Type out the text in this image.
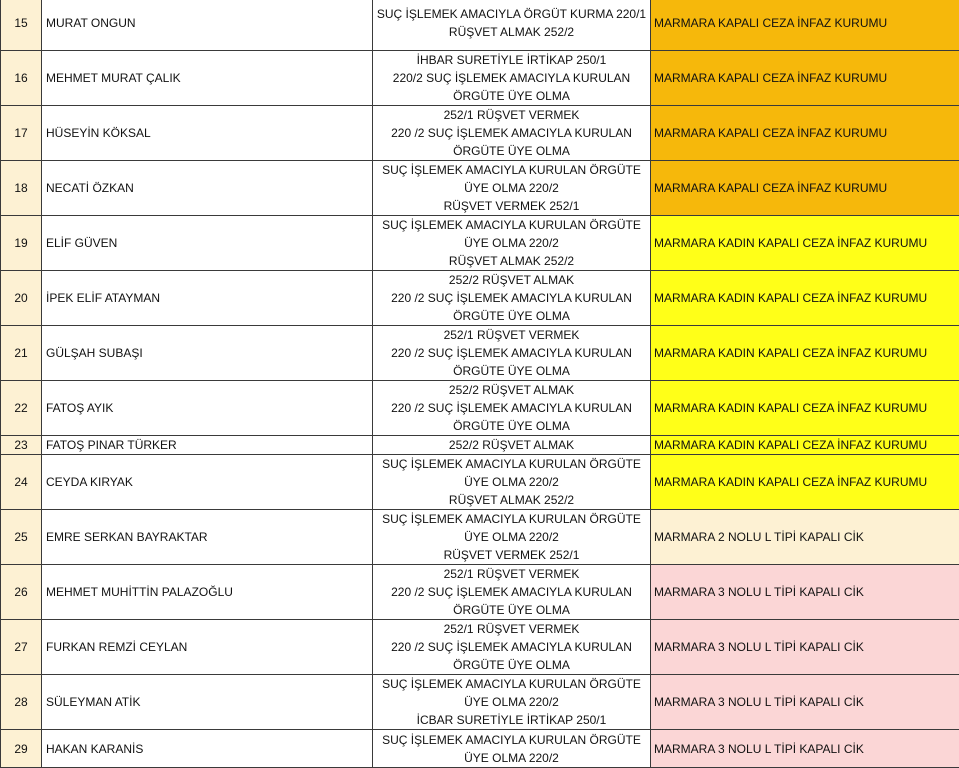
15	MURAT ONGUN	SUÇ İŞLEMEK AMACIYLA ÖRGÜT KURMA 220/1
RÜŞVET ALMAK 252/2	MARMARA KAPALI CEZA İNFAZ KURUMU
16	MEHMET MURAT ÇALIK	İHBAR SURETİYLE İRTİKAP 250/1
220/2 SUÇ İŞLEMEK AMACIYLA KURULAN
ÖRGÜTE ÜYE OLMA	MARMARA KAPALI CEZA İNFAZ KURUMU
17	HÜSEYİN KÖKSAL	252/1 RÜŞVET VERMEK
220 /2 SUÇ İŞLEMEK AMACIYLA KURULAN
ÖRGÜTE ÜYE OLMA	MARMARA KAPALI CEZA İNFAZ KURUMU
18	NECATİ ÖZKAN	SUÇ İŞLEMEK AMACIYLA KURULAN ÖRGÜTE
ÜYE OLMA 220/2
RÜŞVET VERMEK 252/1	MARMARA KAPALI CEZA İNFAZ KURUMU
19	ELİF GÜVEN	SUÇ İŞLEMEK AMACIYLA KURULAN ÖRGÜTE
ÜYE OLMA 220/2
RÜŞVET ALMAK 252/2	MARMARA KADIN KAPALI CEZA İNFAZ KURUMU
20	İPEK ELİF ATAYMAN	252/2 RÜŞVET ALMAK
220 /2 SUÇ İŞLEMEK AMACIYLA KURULAN
ÖRGÜTE ÜYE OLMA	MARMARA KADIN KAPALI CEZA İNFAZ KURUMU
21	GÜLŞAH SUBAŞI	252/1 RÜŞVET VERMEK
220 /2 SUÇ İŞLEMEK AMACIYLA KURULAN
ÖRGÜTE ÜYE OLMA	MARMARA KADIN KAPALI CEZA İNFAZ KURUMU
22	FATOŞ AYIK	252/2 RÜŞVET ALMAK
220 /2 SUÇ İŞLEMEK AMACIYLA KURULAN
ÖRGÜTE ÜYE OLMA	MARMARA KADIN KAPALI CEZA İNFAZ KURUMU
23	FATOŞ PINAR TÜRKER	252/2 RÜŞVET ALMAK	MARMARA KADIN KAPALI CEZA İNFAZ KURUMU
24	CEYDA KIRYAK	SUÇ İŞLEMEK AMACIYLA KURULAN ÖRGÜTE
ÜYE OLMA 220/2
RÜŞVET ALMAK 252/2	MARMARA KADIN KAPALI CEZA İNFAZ KURUMU
25	EMRE SERKAN BAYRAKTAR	SUÇ İŞLEMEK AMACIYLA KURULAN ÖRGÜTE
ÜYE OLMA 220/2
RÜŞVET VERMEK 252/1	MARMARA 2 NOLU L TİPİ KAPALI CİK
26	MEHMET MUHİTTİN PALAZOĞLU	252/1 RÜŞVET VERMEK
220 /2 SUÇ İŞLEMEK AMACIYLA KURULAN
ÖRGÜTE ÜYE OLMA	MARMARA 3 NOLU L TİPİ KAPALI CİK
27	FURKAN REMZİ CEYLAN	252/1 RÜŞVET VERMEK
220 /2 SUÇ İŞLEMEK AMACIYLA KURULAN
ÖRGÜTE ÜYE OLMA	MARMARA 3 NOLU L TİPİ KAPALI CİK
28	SÜLEYMAN ATİK	SUÇ İŞLEMEK AMACIYLA KURULAN ÖRGÜTE
ÜYE OLMA 220/2
İCBAR SURETİYLE İRTİKAP 250/1	MARMARA 3 NOLU L TİPİ KAPALI CİK
29	HAKAN KARANİS	SUÇ İŞLEMEK AMACIYLA KURULAN ÖRGÜTE
ÜYE OLMA 220/2	MARMARA 3 NOLU L TİPİ KAPALI CİK
